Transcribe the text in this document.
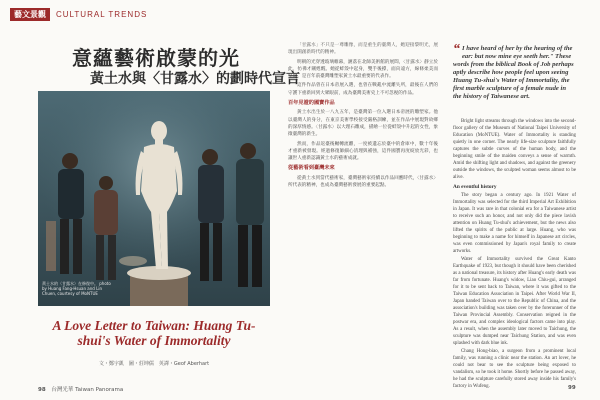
藝文景觀	CULTURAL TRENDS
意蘊藝術啟蒙的光
黃土水與〈甘露水〉的劃時代宣言
黃土水的〈甘露水〉在修復中。 photo by Huang Fang-Hsuan and Lin Chuen, courtesy of MoNTUE
A Love Letter to Taiwan: Huang Tu-shui's Water of Immortality
文・鄭宇凱　圖・莊坤儒　英譯・Geof Aberhart

「甘露水」不只是一尊雕像，而是重生的臺灣人，她迎接黎明光，展現出開創新時代的精神。

明朝的光穿透玻璃帷幕，灑落在北師美術館的展間，〈甘露水〉靜立於此，彷彿才剛甦醒。她從蚌殼中起身，雙手後撐，面向遠方，線條柔美而堅毅，是百年前臺灣雕塑家黃土水最重要的代表作。

這件作品曾在日本帝展入選，也曾在戰亂中流離失所，最後在人們的守護下重新回到大眾眼前，成為臺灣美術史上不可忽視的作品。

百年見證的國寶作品

黃土水出生於一八九五年，是臺灣第一位入選日本帝展的雕塑家。他以臺灣人的身分，在東京美術學校接受嚴格訓練，並在作品中展現對故鄉的深厚情感。〈甘露水〉以大理石雕成，描繪一位從蚌殼中升起的女性，象徵臺灣的新生。

然而，作品返臺後輾轉流離，一度被遺忘於臺中的倉庫中，數十年後才重新被發現。經過修復師細心清理與補強，這件國寶再度綻放光彩，也讓世人重新認識黃土水的藝術成就。

從藝術看到臺灣未來

從黃土水到當代藝術家，臺灣藝術家持續以作品回應時代，〈甘露水〉所代表的精神，也成為臺灣藝術發展的重要起點。

“ I have heard of her by the hearing of the ear: but now mine eye seeth her." These words from the biblical Book of Job perhaps aptly describe how people feel upon seeing Huang Tu-shui's Water of Immortality, the first marble sculpture of a female nude in the history of Taiwanese art.

Bright light streams through the windows into the second-floor gallery of the Museum of National Taipei University of Education (MoNTUE). Water of Immortality is standing quietly in one corner. The nearly life-size sculpture faithfully captures the subtle curves of the human body, and the beginning smile of the maiden conveys a sense of warmth. Amid the shifting light and shadows, and against the greenery outside the windows, the sculpted woman seems almost to be alive.

An eventful history

The story began a century ago. In 1921 Water of Immortality was selected for the third Imperial Art Exhibition in Japan. It was rare in that colonial era for a Taiwanese artist to receive such an honor, and not only did the piece lavish attention on Huang Tu-shui's achievement, but the news also lifted the spirits of the public at large. Huang, who was beginning to make a name for himself in Japanese art circles, was even commissioned by Japan's royal family to create artworks.

Water of Immortality survived the Great Kanto Earthquake of 1923, but though it should have been cherished as a national treasure, its history after Huang's early death was far from fortunate. Huang's widow, Liao Chiu-gui, arranged for it to be sent back to Taiwan, where it was gifted to the Taiwan Education Association in Taipei. After World War II, Japan handed Taiwan over to the Republic of China, and the association's building was taken over by the forerunner of the Taiwan Provincial Assembly. Conservation reigned in the postwar era, and complex ideological factors came into play. As a result, when the assembly later moved to Taichung, the sculpture was dumped near Taichung Station, and was even splashed with dark blue ink.

Chang Hong-biao, a surgeon from a prominent local family, was running a clinic near the station. An art lover, he could not bear to see the sculpture being exposed to vandalism, so he took it home. Shortly before he passed away, he had the sculpture carefully stored away inside his family's factory in Wufeng.

98 台灣光華 Taiwan Panorama	99
